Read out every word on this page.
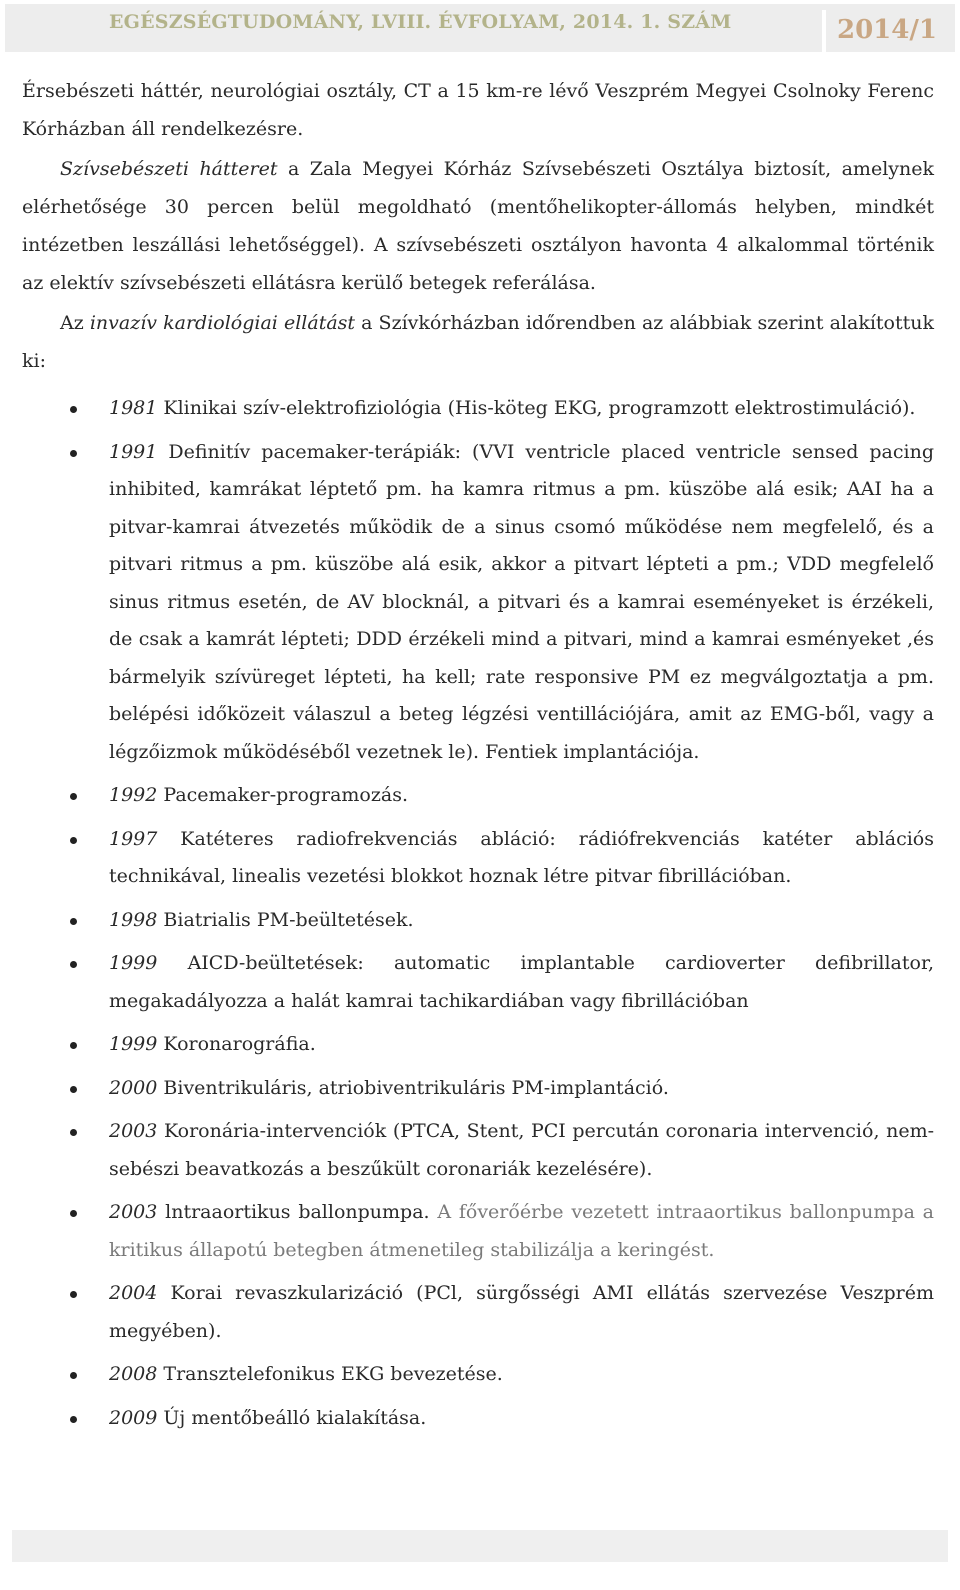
EGÉSZSÉGTUDOMÁNY, LVIII. ÉVFOLYAM, 2014. 1. SZÁM	2014/1

Érsebészeti háttér, neurológiai osztály, CT a 15 km-re lévő Veszprém Megyei Csolnoky Ferenc Kórházban áll rendelkezésre.

Szívsebészeti hátteret a Zala Megyei Kórház Szívsebészeti Osztálya biztosít, amelynek elérhetősége 30 percen belül megoldható (mentőhelikopter-állomás helyben, mindkét intézetben leszállási lehetőséggel). A szívsebészeti osztályon havonta 4 alkalommal történik az elektív szívsebészeti ellátásra kerülő betegek referálása.

Az invazív kardiológiai ellátást a Szívkórházban időrendben az alábbiak szerint alakítottuk ki:

1981 Klinikai szív-elektrofiziológia (His-köteg EKG, programzott elektrostimuláció).
1991 Definitív pacemaker-terápiák: (VVI ventricle placed ventricle sensed pacing inhibited, kamrákat léptető pm. ha kamra ritmus a pm. küszöbe alá esik; AAI ha a pitvar-kamrai átvezetés működik de a sinus csomó működése nem megfelelő, és a pitvari ritmus a pm. küszöbe alá esik, akkor a pitvart lépteti a pm.; VDD megfelelő sinus ritmus esetén, de AV blocknál, a pitvari és a kamrai eseményeket is érzékeli, de csak a kamrát lépteti; DDD érzékeli mind a pitvari, mind a kamrai esményeket ,és bármelyik szívüreget lépteti, ha kell; rate responsive PM ez megválgoztatja a pm. belépési időközeit válaszul a beteg légzési ventillációjára, amit az EMG-ből, vagy a légzőizmok működéséből vezetnek le). Fentiek implantációja.
1992 Pacemaker-programozás.
1997 Katéteres radiofrekvenciás abláció: rádiófrekvenciás katéter ablációs technikával, linealis vezetési blokkot hoznak létre pitvar fibrillációban.
1998 Biatrialis PM-beültetések.
1999 AICD-beültetések: automatic implantable cardioverter defibrillator, megakadályozza a halát kamrai tachikardiában vagy fibrillációban
1999 Koronarográfia.
2000 Biventrikuláris, atriobiventrikuláris PM-implantáció.
2003 Koronária-intervenciók (PTCA, Stent, PCI percután coronaria intervenció, nem-sebészi beavatkozás a beszűkült coronariák kezelésére).
2003 lntraaortikus ballonpumpa. A főverőérbe vezetett intraaortikus ballonpumpa a kritikus állapotú betegben átmenetileg stabilizálja a keringést.
2004 Korai revaszkularizáció (PCl, sürgősségi AMI ellátás szervezése Veszprém megyében).
2008 Transztelefonikus EKG bevezetése.
2009 Új mentőbeálló kialakítása.
